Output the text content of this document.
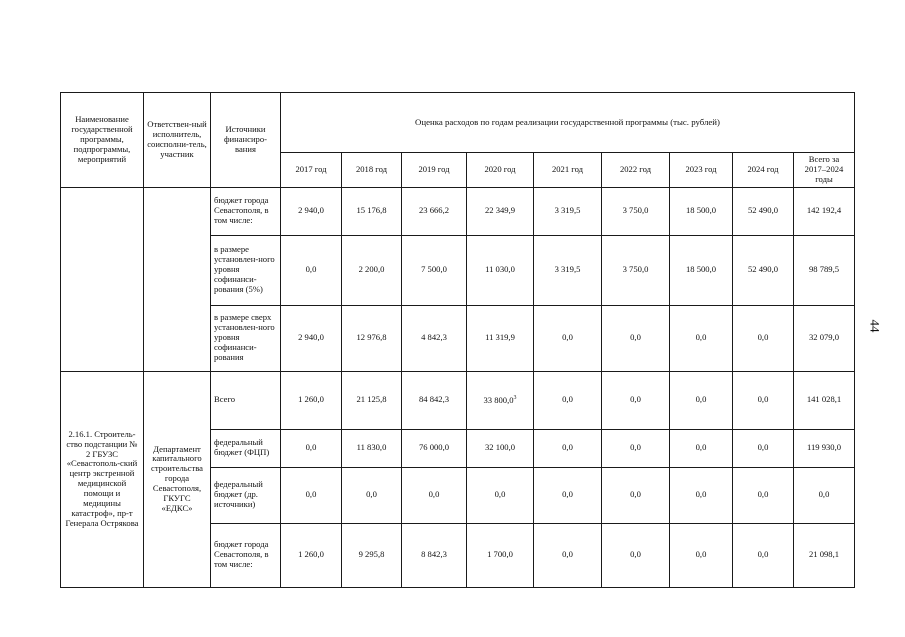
44
Наименование государственной программы, подпрограммы, мероприятий	Ответствен-ный исполнитель, соисполни-тель, участник	Источники финансиро-вания	Оценка расходов по годам реализации государственной программы (тыс. рублей)								
			2017 год	2018 год	2019 год	2020 год	2021 год	2022 год	2023 год	2024 год	Всего за 2017–2024 годы
		бюджет города Севастополя, в том числе:	2 940,0	15 176,8	23 666,2	22 349,9	3 319,5	3 750,0	18 500,0	52 490,0	142 192,4
		в размере установлен-ного уровня софинанси-рования (5%)	0,0	2 200,0	7 500,0	11 030,0	3 319,5	3 750,0	18 500,0	52 490,0	98 789,5
		в размере сверх установлен-ного уровня софинанси-рования	2 940,0	12 976,8	4 842,3	11 319,9	0,0	0,0	0,0	0,0	32 079,0
2.16.1. Строитель-ство подстанции № 2 ГБУЗС «Севастополь-ский центр экстренной медицинской помощи и медицины катастроф», пр-т Генерала Острякова	Департамент капитального строительства города Севастополя, ГКУГС «ЕДКС»	Всего	1 260,0	21 125,8	84 842,3	33 800,0$^3$	0,0	0,0	0,0	0,0	141 028,1
		федеральный бюджет (ФЦП)	0,0	11 830,0	76 000,0	32 100,0	0,0	0,0	0,0	0,0	119 930,0
		федеральный бюджет (др. источники)	0,0	0,0	0,0	0,0	0,0	0,0	0,0	0,0	0,0
		бюджет города Севастополя, в том числе:	1 260,0	9 295,8	8 842,3	1 700,0	0,0	0,0	0,0	0,0	21 098,1
